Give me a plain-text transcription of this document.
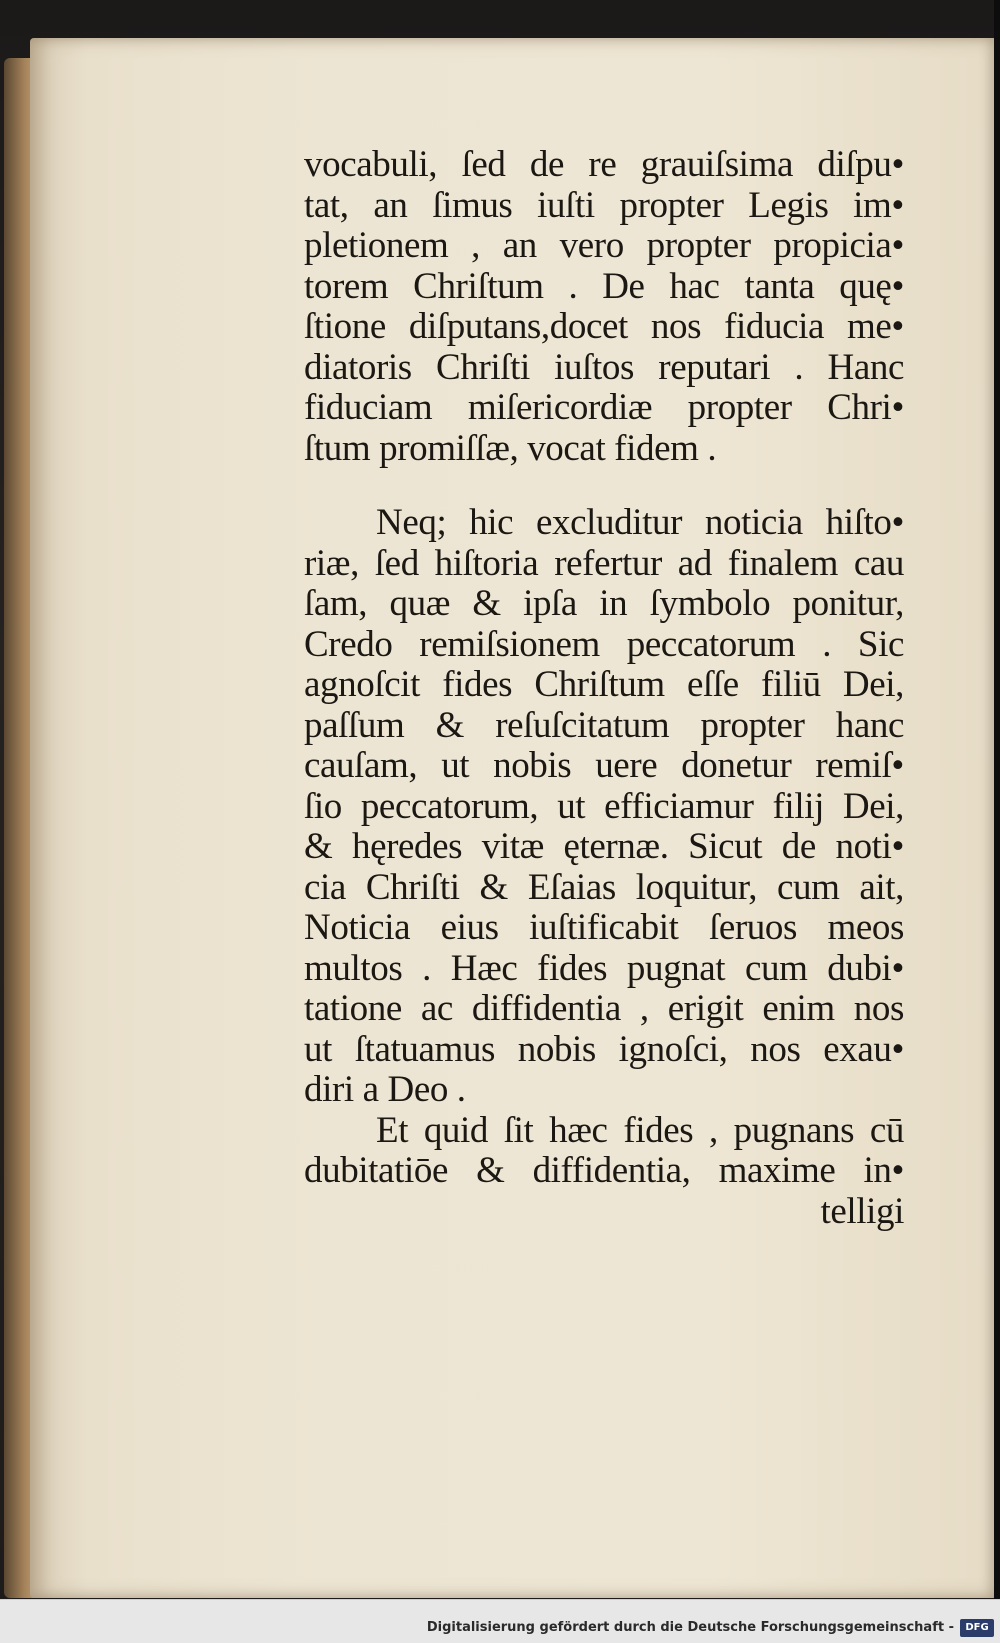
vocabuli, ſed de re grauiſsima diſpu•
tat, an ſimus iuſti propter Legis im•
pletionem , an vero propter propicia•
torem Chriſtum . De hac tanta quę•
ſtione diſputans,docet nos fiducia me•
diatoris Chriſti iuſtos reputari . Hanc
fiduciam miſericordiæ propter Chri•
ſtum promiſſæ, vocat fidem .
Neq; hic excluditur noticia hiſto•
riæ, ſed hiſtoria refertur ad finalem cau
ſam, quæ & ipſa in ſymbolo ponitur,
Credo remiſsionem peccatorum . Sic
agnoſcit fides Chriſtum eſſe filiū Dei,
paſſum & reſuſcitatum propter hanc
cauſam, ut nobis uere donetur remiſ•
ſio peccatorum, ut efficiamur filij Dei,
& hęredes vitæ ęternæ. Sicut de noti•
cia Chriſti & Eſaias loquitur, cum ait,
Noticia eius iuſtificabit ſeruos meos
multos . Hæc fides pugnat cum dubi•
tatione ac diffidentia , erigit enim nos
ut ſtatuamus nobis ignoſci, nos exau•
diri a Deo .
Et quid ſit hæc fides , pugnans cū
dubitatiōe & diffidentia, maxime in•
telligi
Digitalisierung gefördert durch die Deutsche Forschungsgemeinschaft -	DFG
